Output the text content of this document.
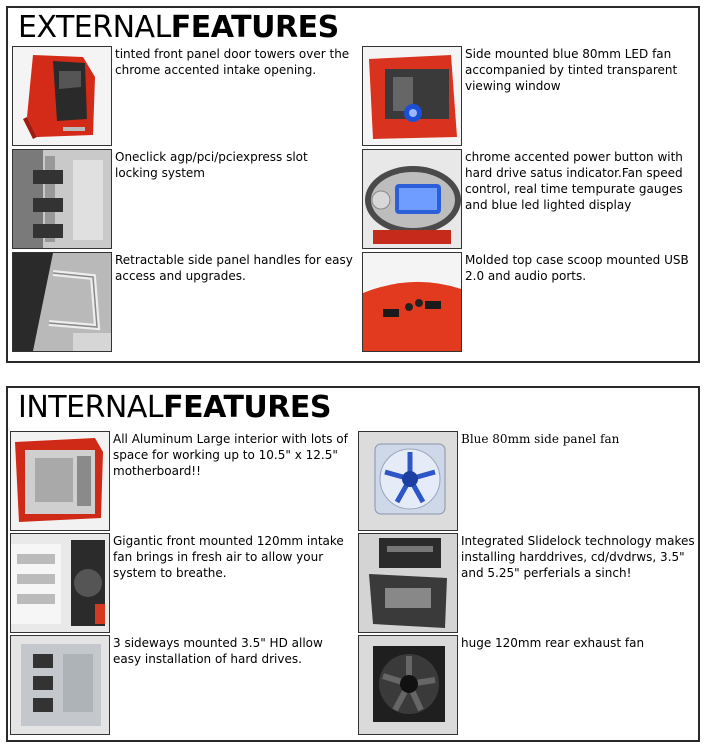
EXTERNALFEATURES
tinted front panel door towers over the chrome accented intake opening.
Side mounted blue 80mm LED fan accompanied by tinted transparent viewing window
Oneclick agp/pci/pciexpress slot locking system
chrome accented power button with hard drive satus indicator.Fan speed control, real time tempurate gauges and blue led lighted display
Retractable side panel handles for easy access and upgrades.
Molded top case scoop mounted USB 2.0 and audio ports.
INTERNALFEATURES
All Aluminum Large interior with lots of space for working up to 10.5" x 12.5" motherboard!!
Blue 80mm side panel fan
Gigantic front mounted 120mm intake fan brings in fresh air to allow your system to breathe.
Integrated Slidelock technology makes installing harddrives, cd/dvdrws, 3.5" and 5.25" perferials a sinch!
3 sideways mounted 3.5" HD allow easy installation of hard drives.
huge 120mm rear exhaust fan
